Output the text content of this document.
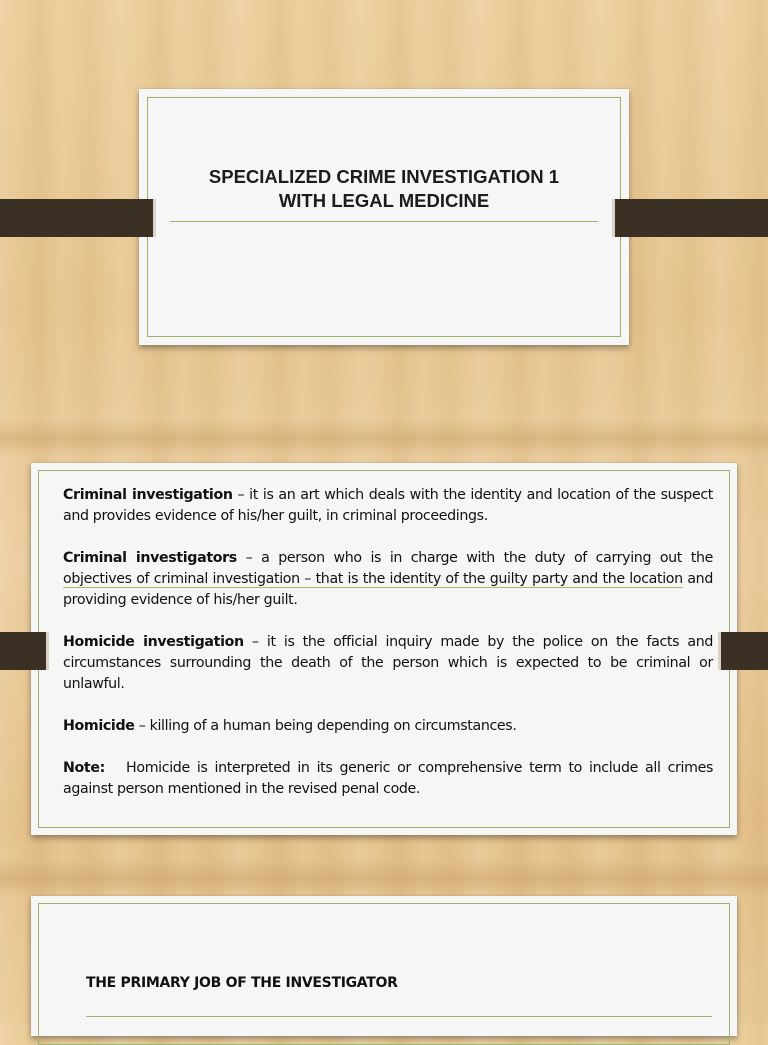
SPECIALIZED CRIME INVESTIGATION 1
WITH LEGAL MEDICINE

Criminal investigation – it is an art which deals with the identity and location of the suspect and provides evidence of his/her guilt, in criminal proceedings.

Criminal investigators – a person who is in charge with the duty of carrying out the objectives of criminal investigation – that is the identity of the guilty party and the location and providing evidence of his/her guilt.

Homicide investigation – it is the official inquiry made by the police on the facts and circumstances surrounding the death of the person which is expected to be criminal or unlawful.

Homicide – killing of a human being depending on circumstances.

Note:   Homicide is interpreted in its generic or comprehensive term to include all crimes against person mentioned in the revised penal code.

THE PRIMARY JOB OF THE INVESTIGATOR
